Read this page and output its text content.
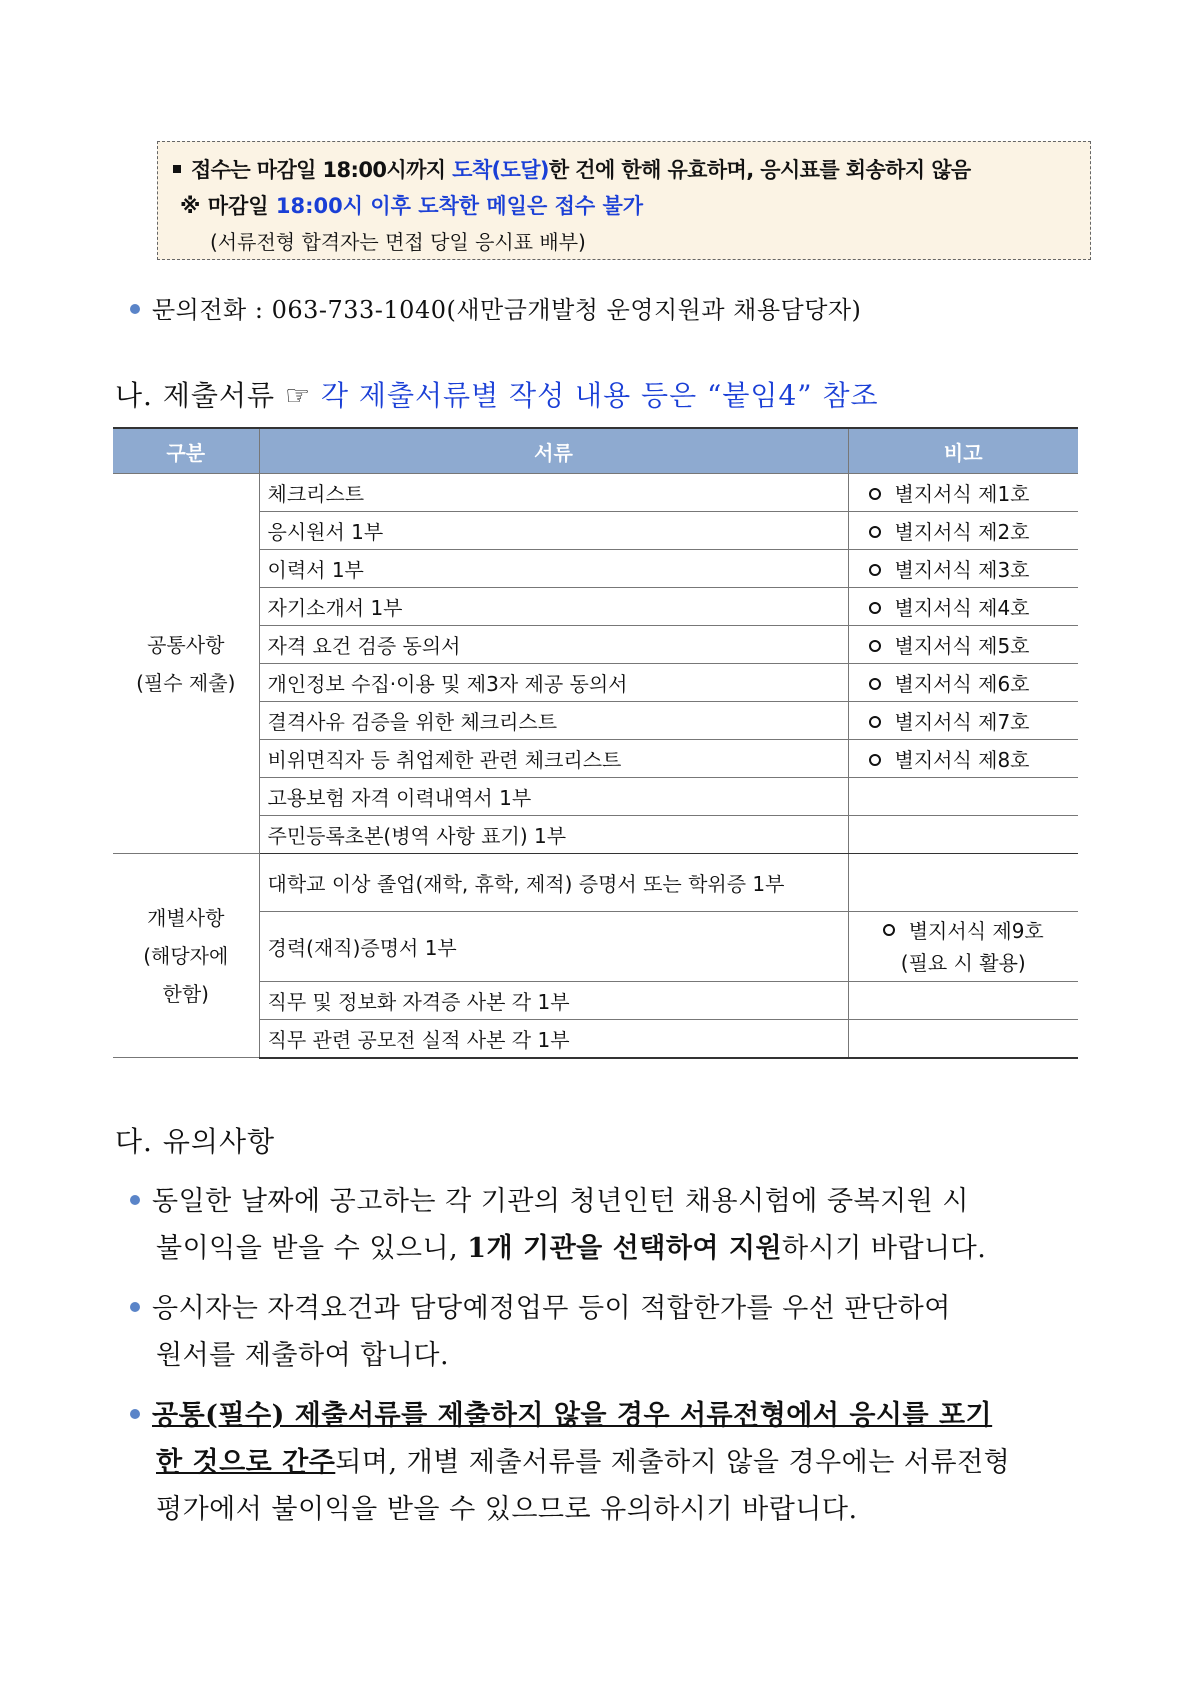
접수는 마감일 18:00시까지 도착(도달)한 건에 한해 유효하며, 응시표를 회송하지 않음
※ 마감일 18:00시 이후 도착한 메일은 접수 불가
(서류전형 합격자는 면접 당일 응시표 배부)
문의전화 : 063-733-1040(새만금개발청 운영지원과 채용담당자)
나. 제출서류 ☞ 각 제출서류별 작성 내용 등은 “붙임4” 참조
구분	서류	비고

공통사항
(필수 제출)	체크리스트	별지서식 제1호
	응시원서 1부	별지서식 제2호
	이력서 1부	별지서식 제3호
	자기소개서 1부	별지서식 제4호
	자격 요건 검증 동의서	별지서식 제5호
	개인정보 수집·이용 및 제3자 제공 동의서	별지서식 제6호
	결격사유 검증을 위한 체크리스트	별지서식 제7호
	비위면직자 등 취업제한 관련 체크리스트	별지서식 제8호
	고용보험 자격 이력내역서 1부	
	주민등록초본(병역 사항 표기) 1부	

개별사항
(해당자에
한함)	대학교 이상 졸업(재학, 휴학, 제적) 증명서 또는 학위증 1부	
	경력(재직)증명서 1부	별지서식 제9호
(필요 시 활용)

	직무 및 정보화 자격증 사본 각 1부	
	직무 관련 공모전 실적 사본 각 1부	
다. 유의사항
동일한 날짜에 공고하는 각 기관의 청년인턴 채용시험에 중복지원 시
불이익을 받을 수 있으니, 1개 기관을 선택하여 지원하시기 바랍니다.
응시자는 자격요건과 담당예정업무 등이 적합한가를 우선 판단하여
원서를 제출하여 합니다.
공통(필수) 제출서류를 제출하지 않을 경우 서류전형에서 응시를 포기
한 것으로 간주되며, 개별 제출서류를 제출하지 않을 경우에는 서류전형
평가에서 불이익을 받을 수 있으므로 유의하시기 바랍니다.
